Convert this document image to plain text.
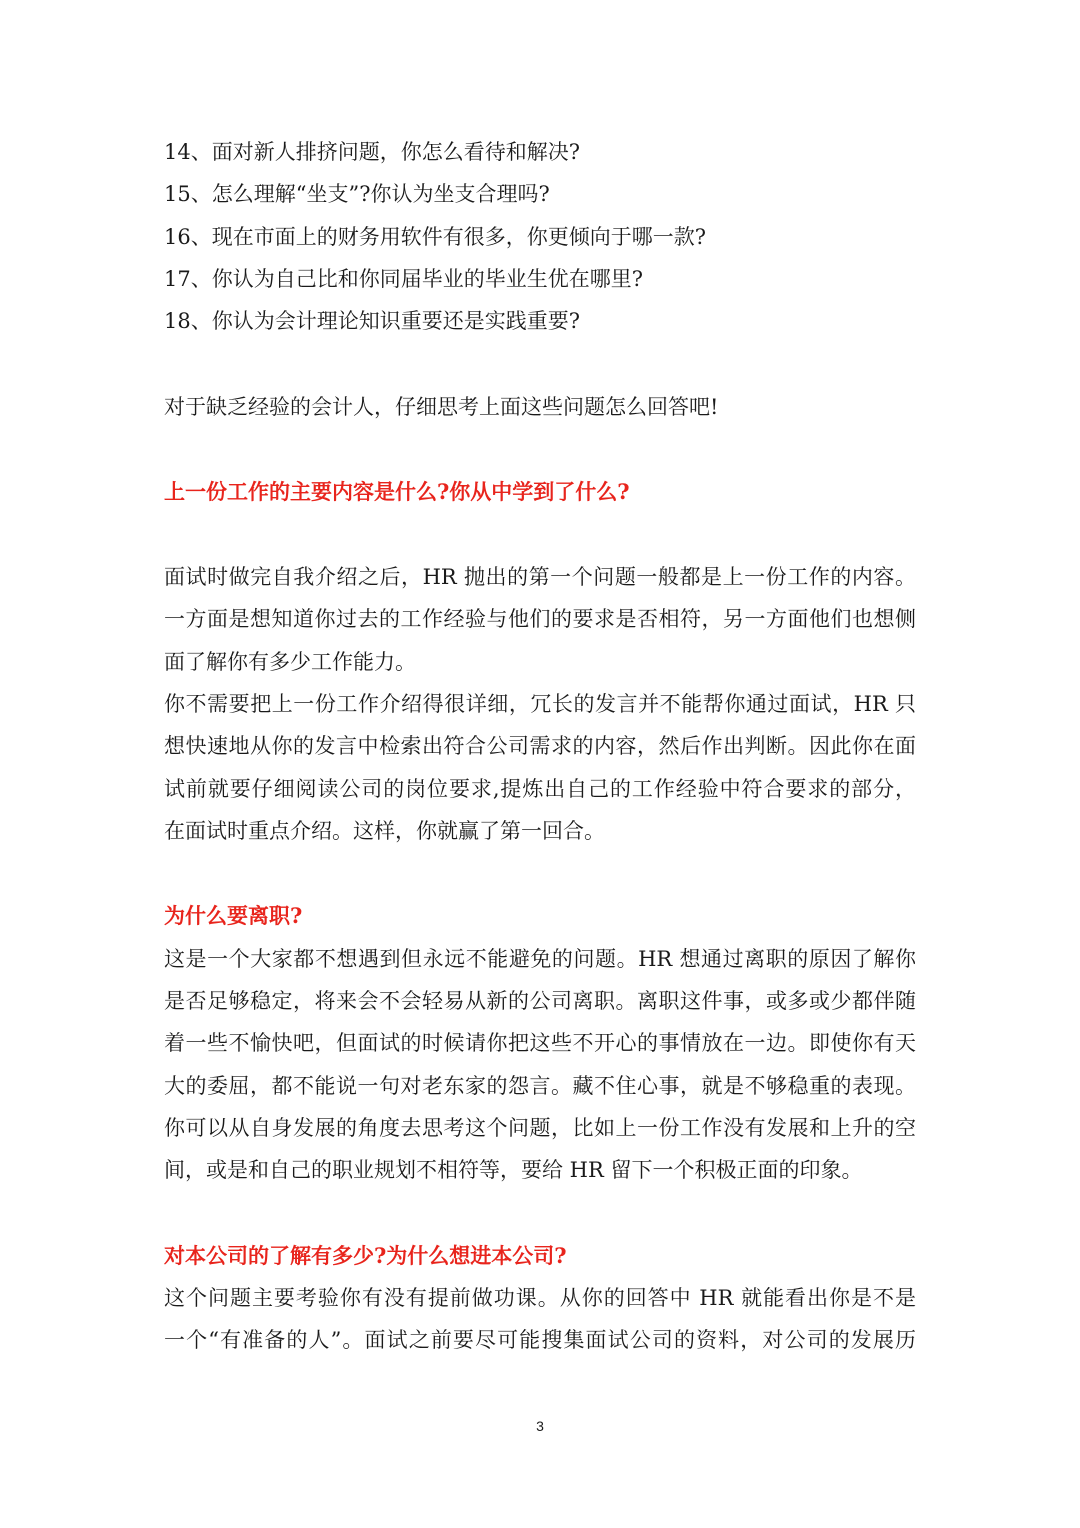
14、面对新人排挤问题，你怎么看待和解决?
15、怎么理解“坐支”?你认为坐支合理吗?
16、现在市面上的财务用软件有很多，你更倾向于哪一款?
17、你认为自己比和你同届毕业的毕业生优在哪里?
18、你认为会计理论知识重要还是实践重要?
对于缺乏经验的会计人，仔细思考上面这些问题怎么回答吧!
上一份工作的主要内容是什么?你从中学到了什么?
面试时做完自我介绍之后，HR 抛出的第一个问题一般都是上一份工作的内容。
一方面是想知道你过去的工作经验与他们的要求是否相符，另一方面他们也想侧
面了解你有多少工作能力。
你不需要把上一份工作介绍得很详细，冗长的发言并不能帮你通过面试，HR 只
想快速地从你的发言中检索出符合公司需求的内容，然后作出判断。因此你在面
试前就要仔细阅读公司的岗位要求,提炼出自己的工作经验中符合要求的部分，
在面试时重点介绍。这样，你就赢了第一回合。
为什么要离职?
这是一个大家都不想遇到但永远不能避免的问题。HR 想通过离职的原因了解你
是否足够稳定，将来会不会轻易从新的公司离职。离职这件事，或多或少都伴随
着一些不愉快吧，但面试的时候请你把这些不开心的事情放在一边。即使你有天
大的委屈，都不能说一句对老东家的怨言。藏不住心事，就是不够稳重的表现。
你可以从自身发展的角度去思考这个问题，比如上一份工作没有发展和上升的空
间，或是和自己的职业规划不相符等，要给 HR 留下一个积极正面的印象。
对本公司的了解有多少?为什么想进本公司?
这个问题主要考验你有没有提前做功课。从你的回答中 HR 就能看出你是不是
一个“有准备的人”。面试之前要尽可能搜集面试公司的资料，对公司的发展历
3
